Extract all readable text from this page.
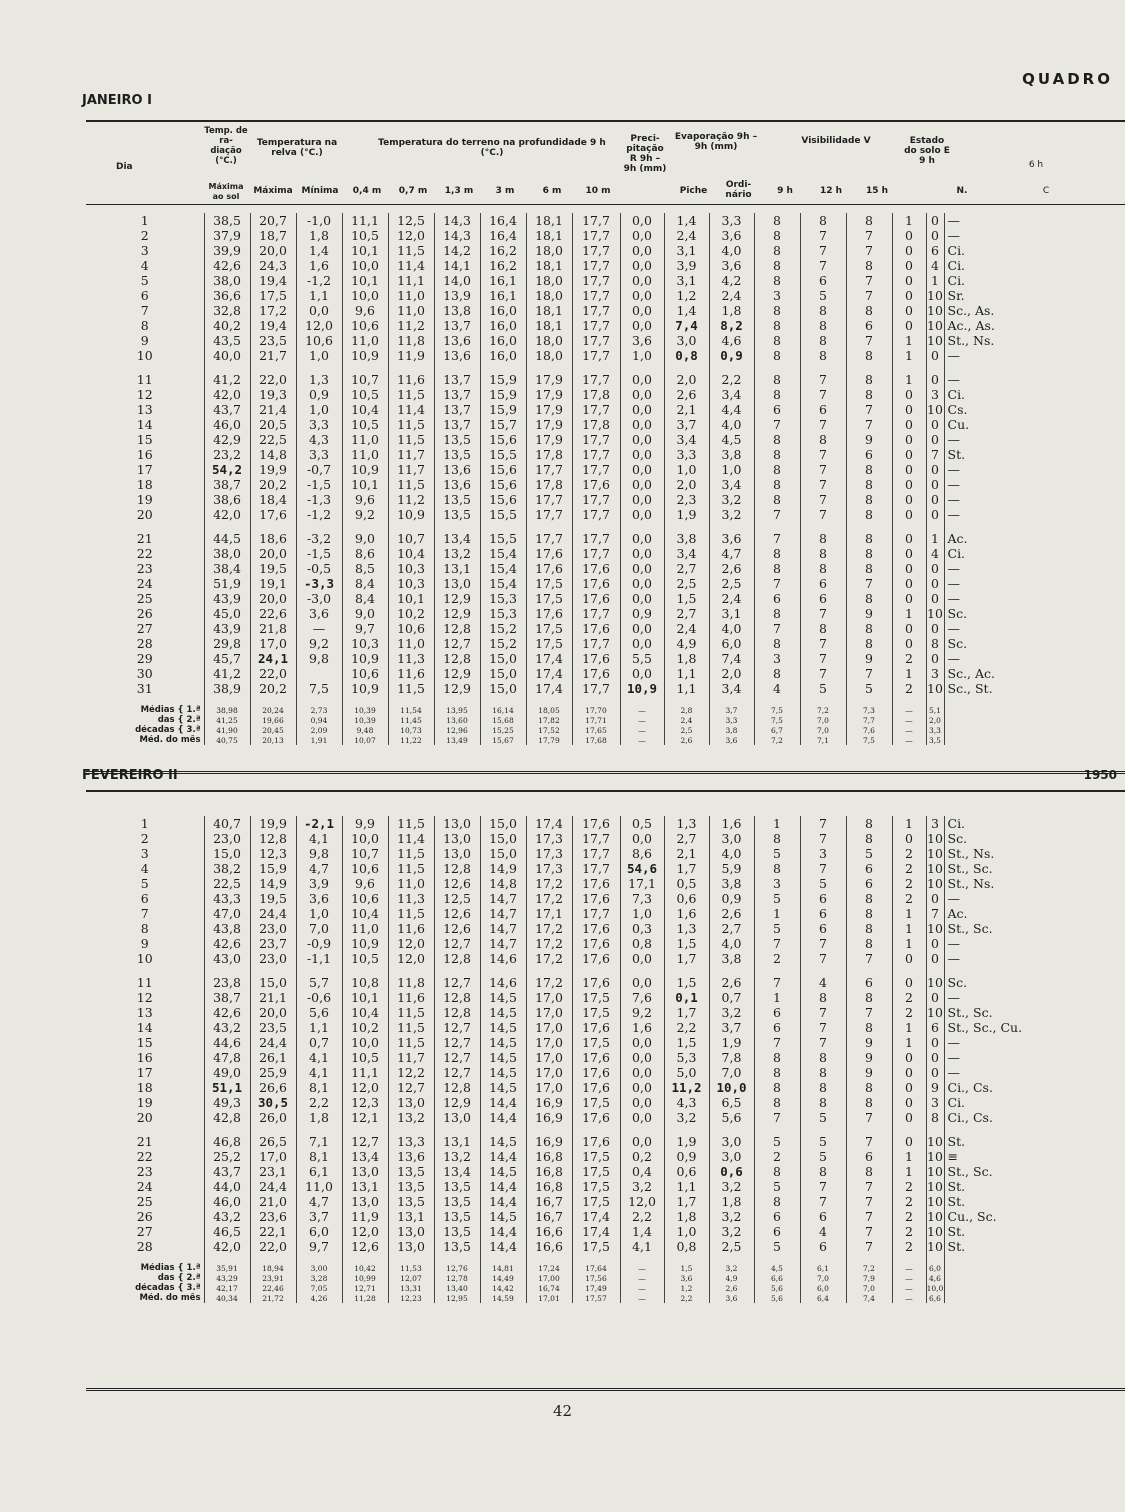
QUADRO
JANEIRO I
Dia
Temp. de ra-diação (°C.)
Máxima ao sol
Temperatura na relva (°C.)
Máxima Mínima
Temperatura do terreno na profundidade 9 h (°C.)
0,4 m	0,7 m	1,3 m	3 m	6 m	10 m
Preci-pitação R 9h – 9h (mm)
Evaporação 9h – 9h (mm)
Piche
Ordi-nário
Visibilidade V
9 h	12 h	15 h
Estado do solo E 9 h	6 h
N.	C
1	38,5	20,7	-1,0	11,1	12,5	14,3	16,4	18,1	17,7	0,0	1,4	3,3	8	8	8	1	0	—
2	37,9	18,7	1,8	10,5	12,0	14,3	16,4	18,1	17,7	0,0	2,4	3,6	8	7	7	0	0	—
3	39,9	20,0	1,4	10,1	11,5	14,2	16,2	18,0	17,7	0,0	3,1	4,0	8	7	7	0	6	Ci.
4	42,6	24,3	1,6	10,0	11,4	14,1	16,2	18,1	17,7	0,0	3,9	3,6	8	7	8	0	4	Ci.
5	38,0	19,4	-1,2	10,1	11,1	14,0	16,1	18,0	17,7	0,0	3,1	4,2	8	6	7	0	1	Ci.
6	36,6	17,5	1,1	10,0	11,0	13,9	16,1	18,0	17,7	0,0	1,2	2,4	3	5	7	0	10	Sr.
7	32,8	17,2	0,0	9,6	11,0	13,8	16,0	18,1	17,7	0,0	1,4	1,8	8	8	8	0	10	Sc., As.
8	40,2	19,4	12,0	10,6	11,2	13,7	16,0	18,1	17,7	0,0	7,4	8,2	8	8	6	0	10	Ac., As.
9	43,5	23,5	10,6	11,0	11,8	13,6	16,0	18,0	17,7	3,6	3,0	4,6	8	8	7	1	10	St., Ns.
10	40,0	21,7	1,0	10,9	11,9	13,6	16,0	18,0	17,7	1,0	0,8	0,9	8	8	8	1	0	—

11	41,2	22,0	1,3	10,7	11,6	13,7	15,9	17,9	17,7	0,0	2,0	2,2	8	7	8	1	0	—
12	42,0	19,3	0,9	10,5	11,5	13,7	15,9	17,9	17,8	0,0	2,6	3,4	8	7	8	0	3	Ci.
13	43,7	21,4	1,0	10,4	11,4	13,7	15,9	17,9	17,7	0,0	2,1	4,4	6	6	7	0	10	Cs.
14	46,0	20,5	3,3	10,5	11,5	13,7	15,7	17,9	17,8	0,0	3,7	4,0	7	7	7	0	0	Cu.
15	42,9	22,5	4,3	11,0	11,5	13,5	15,6	17,9	17,7	0,0	3,4	4,5	8	8	9	0	0	—
16	23,2	14,8	3,3	11,0	11,7	13,5	15,5	17,8	17,7	0,0	3,3	3,8	8	7	6	0	7	St.
17	54,2	19,9	-0,7	10,9	11,7	13,6	15,6	17,7	17,7	0,0	1,0	1,0	8	7	8	0	0	—
18	38,7	20,2	-1,5	10,1	11,5	13,6	15,6	17,8	17,6	0,0	2,0	3,4	8	7	8	0	0	—
19	38,6	18,4	-1,3	9,6	11,2	13,5	15,6	17,7	17,7	0,0	2,3	3,2	8	7	8	0	0	—
20	42,0	17,6	-1,2	9,2	10,9	13,5	15,5	17,7	17,7	0,0	1,9	3,2	7	7	8	0	0	—

21	44,5	18,6	-3,2	9,0	10,7	13,4	15,5	17,7	17,7	0,0	3,8	3,6	7	8	8	0	1	Ac.
22	38,0	20,0	-1,5	8,6	10,4	13,2	15,4	17,6	17,7	0,0	3,4	4,7	8	8	8	0	4	Ci.
23	38,4	19,5	-0,5	8,5	10,3	13,1	15,4	17,6	17,6	0,0	2,7	2,6	8	8	8	0	0	—
24	51,9	19,1	-3,3	8,4	10,3	13,0	15,4	17,5	17,6	0,0	2,5	2,5	7	6	7	0	0	—
25	43,9	20,0	-3,0	8,4	10,1	12,9	15,3	17,5	17,6	0,0	1,5	2,4	6	6	8	0	0	—
26	45,0	22,6	3,6	9,0	10,2	12,9	15,3	17,6	17,7	0,9	2,7	3,1	8	7	9	1	10	Sc.
27	43,9	21,8	—	9,7	10,6	12,8	15,2	17,5	17,6	0,0	2,4	4,0	7	8	8	0	0	—
28	29,8	17,0	9,2	10,3	11,0	12,7	15,2	17,5	17,7	0,0	4,9	6,0	8	7	8	0	8	Sc.
29	45,7	24,1	9,8	10,9	11,3	12,8	15,0	17,4	17,6	5,5	1,8	7,4	3	7	9	2	0	—
30	41,2	22,0		10,6	11,6	12,9	15,0	17,4	17,6	0,0	1,1	2,0	8	7	7	1	3	Sc., Ac.
31	38,9	20,2	7,5	10,9	11,5	12,9	15,0	17,4	17,7	10,9	1,1	3,4	4	5	5	2	10	Sc., St.

Médias { 1.ª	38,98	20,24	2,73	10,39	11,54	13,95	16,14	18,05	17,70	—	2,8	3,7	7,5	7,2	7,3	—	5,1	
das { 2.ª	41,25	19,66	0,94	10,39	11,45	13,60	15,68	17,82	17,71	—	2,4	3,3	7,5	7,0	7,7	—	2,0	
décadas { 3.ª	41,90	20,45	2,09	9,48	10,73	12,96	15,25	17,52	17,65	—	2,5	3,8	6,7	7,0	7,6	—	3,3	
Méd. do mês	40,75	20,13	1,91	10,07	11,22	13,49	15,67	17,79	17,68	—	2,6	3,6	7,2	7,1	7,5	—	3,5	
FEVEREIRO II	1950
1	40,7	19,9	-2,1	9,9	11,5	13,0	15,0	17,4	17,6	0,5	1,3	1,6	1	7	8	1	3	Ci.
2	23,0	12,8	4,1	10,0	11,4	13,0	15,0	17,3	17,7	0,0	2,7	3,0	8	7	8	0	10	Sc.
3	15,0	12,3	9,8	10,7	11,5	13,0	15,0	17,3	17,7	8,6	2,1	4,0	5	3	5	2	10	St., Ns.
4	38,2	15,9	4,7	10,6	11,5	12,8	14,9	17,3	17,7	54,6	1,7	5,9	8	7	6	2	10	St., Sc.
5	22,5	14,9	3,9	9,6	11,0	12,6	14,8	17,2	17,6	17,1	0,5	3,8	3	5	6	2	10	St., Ns.
6	43,3	19,5	3,6	10,6	11,3	12,5	14,7	17,2	17,6	7,3	0,6	0,9	5	6	8	2	0	—
7	47,0	24,4	1,0	10,4	11,5	12,6	14,7	17,1	17,7	1,0	1,6	2,6	1	6	8	1	7	Ac.
8	43,8	23,0	7,0	11,0	11,6	12,6	14,7	17,2	17,6	0,3	1,3	2,7	5	6	8	1	10	St., Sc.
9	42,6	23,7	-0,9	10,9	12,0	12,7	14,7	17,2	17,6	0,8	1,5	4,0	7	7	8	1	0	—
10	43,0	23,0	-1,1	10,5	12,0	12,8	14,6	17,2	17,6	0,0	1,7	3,8	2	7	7	0	0	—

11	23,8	15,0	5,7	10,8	11,8	12,7	14,6	17,2	17,6	0,0	1,5	2,6	7	4	6	0	10	Sc.
12	38,7	21,1	-0,6	10,1	11,6	12,8	14,5	17,0	17,5	7,6	0,1	0,7	1	8	8	2	0	—
13	42,6	20,0	5,6	10,4	11,5	12,8	14,5	17,0	17,5	9,2	1,7	3,2	6	7	7	2	10	St., Sc.
14	43,2	23,5	1,1	10,2	11,5	12,7	14,5	17,0	17,6	1,6	2,2	3,7	6	7	8	1	6	St., Sc., Cu.
15	44,6	24,4	0,7	10,0	11,5	12,7	14,5	17,0	17,5	0,0	1,5	1,9	7	7	9	1	0	—
16	47,8	26,1	4,1	10,5	11,7	12,7	14,5	17,0	17,6	0,0	5,3	7,8	8	8	9	0	0	—
17	49,0	25,9	4,1	11,1	12,2	12,7	14,5	17,0	17,6	0,0	5,0	7,0	8	8	9	0	0	—
18	51,1	26,6	8,1	12,0	12,7	12,8	14,5	17,0	17,6	0,0	11,2	10,0	8	8	8	0	9	Ci., Cs.
19	49,3	30,5	2,2	12,3	13,0	12,9	14,4	16,9	17,5	0,0	4,3	6,5	8	8	8	0	3	Ci.
20	42,8	26,0	1,8	12,1	13,2	13,0	14,4	16,9	17,6	0,0	3,2	5,6	7	5	7	0	8	Ci., Cs.

21	46,8	26,5	7,1	12,7	13,3	13,1	14,5	16,9	17,6	0,0	1,9	3,0	5	5	7	0	10	St.
22	25,2	17,0	8,1	13,4	13,6	13,2	14,4	16,8	17,5	0,2	0,9	3,0	2	5	6	1	10	≡
23	43,7	23,1	6,1	13,0	13,5	13,4	14,5	16,8	17,5	0,4	0,6	0,6	8	8	8	1	10	St., Sc.
24	44,0	24,4	11,0	13,1	13,5	13,5	14,4	16,8	17,5	3,2	1,1	3,2	5	7	7	2	10	St.
25	46,0	21,0	4,7	13,0	13,5	13,5	14,4	16,7	17,5	12,0	1,7	1,8	8	7	7	2	10	St.
26	43,2	23,6	3,7	11,9	13,1	13,5	14,5	16,7	17,4	2,2	1,8	3,2	6	6	7	2	10	Cu., Sc.
27	46,5	22,1	6,0	12,0	13,0	13,5	14,4	16,6	17,4	1,4	1,0	3,2	6	4	7	2	10	St.
28	42,0	22,0	9,7	12,6	13,0	13,5	14,4	16,6	17,5	4,1	0,8	2,5	5	6	7	2	10	St.

Médias { 1.ª	35,91	18,94	3,00	10,42	11,53	12,76	14,81	17,24	17,64	—	1,5	3,2	4,5	6,1	7,2	—	6,0	
das { 2.ª	43,29	23,91	3,28	10,99	12,07	12,78	14,49	17,00	17,56	—	3,6	4,9	6,6	7,0	7,9	—	4,6	
décadas { 3.ª	42,17	22,46	7,05	12,71	13,31	13,40	14,42	16,74	17,49	—	1,2	2,6	5,6	6,0	7,0	—	10,0	
Méd. do mês	40,34	21,72	4,26	11,28	12,23	12,95	14,59	17,01	17,57	—	2,2	3,6	5,6	6,4	7,4	—	6,6	
42
